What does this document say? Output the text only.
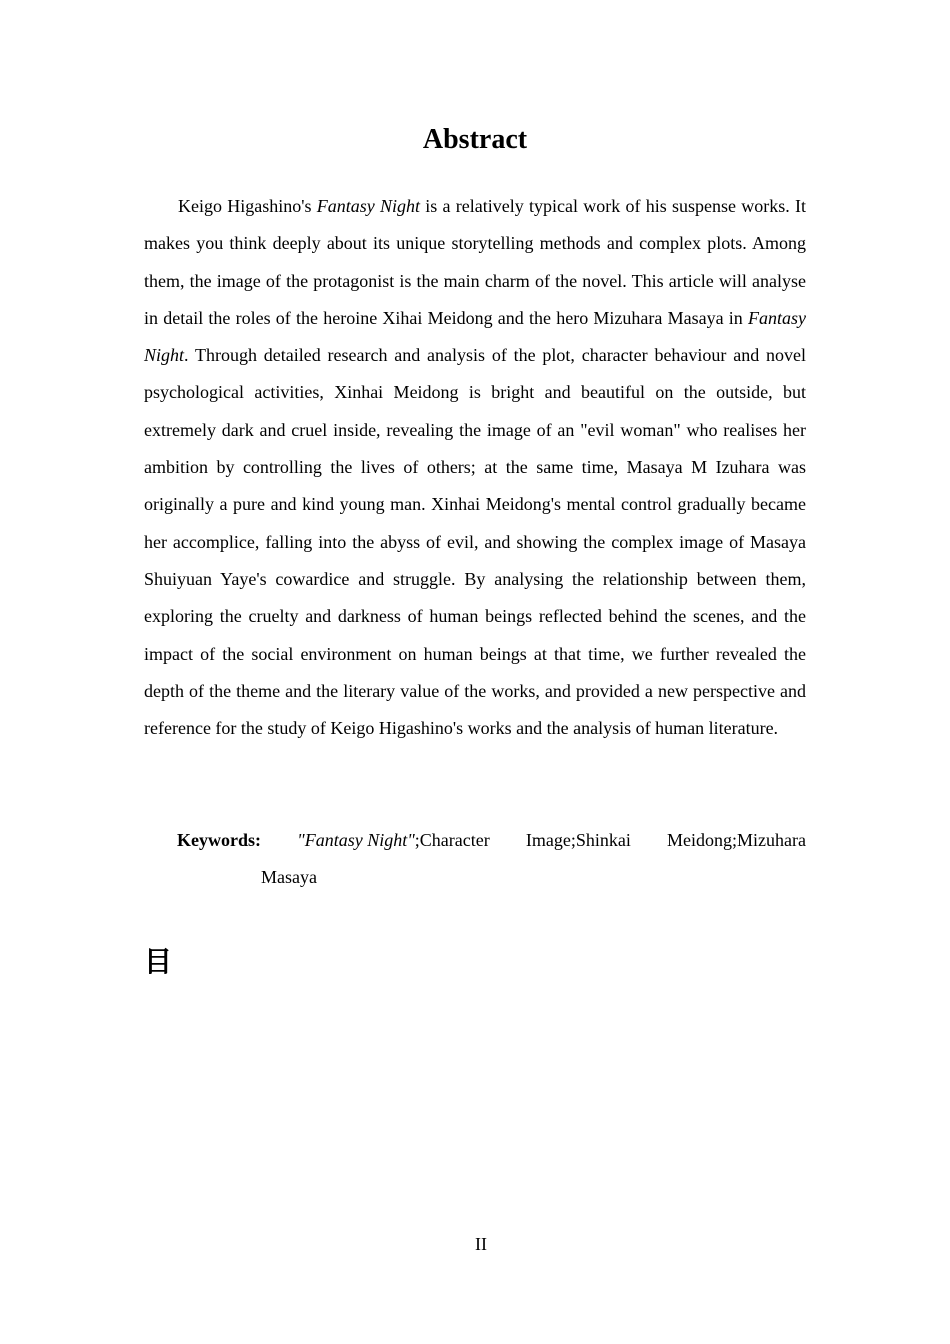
Abstract

Keigo Higashino's Fantasy Night is a relatively typical work of his suspense works. It makes you think deeply about its unique storytelling methods and complex plots. Among them, the image of the protagonist is the main charm of the novel. This article will analyse in detail the roles of the heroine Xihai Meidong and the hero Mizuhara Masaya in Fantasy Night. Through detailed research and analysis of the plot, character behaviour and novel psychological activities, Xinhai Meidong is bright and beautiful on the outside, but extremely dark and cruel inside, revealing the image of an "evil woman" who realises her ambition by controlling the lives of others; at the same time, Masaya M Izuhara was originally a pure and kind young man. Xinhai Meidong's mental control gradually became her accomplice, falling into the abyss of evil, and showing the complex image of Masaya Shuiyuan Yaye's cowardice and struggle. By analysing the relationship between them, exploring the cruelty and darkness of human beings reflected behind the scenes, and the impact of the social environment on human beings at that time, we further revealed the depth of the theme and the literary value of the works, and provided a new perspective and reference for the study of Keigo Higashino's works and the analysis of human literature.

Keywords: "Fantasy Night";Character Image;Shinkai Meidong;Mizuhara
Masaya
目
II
